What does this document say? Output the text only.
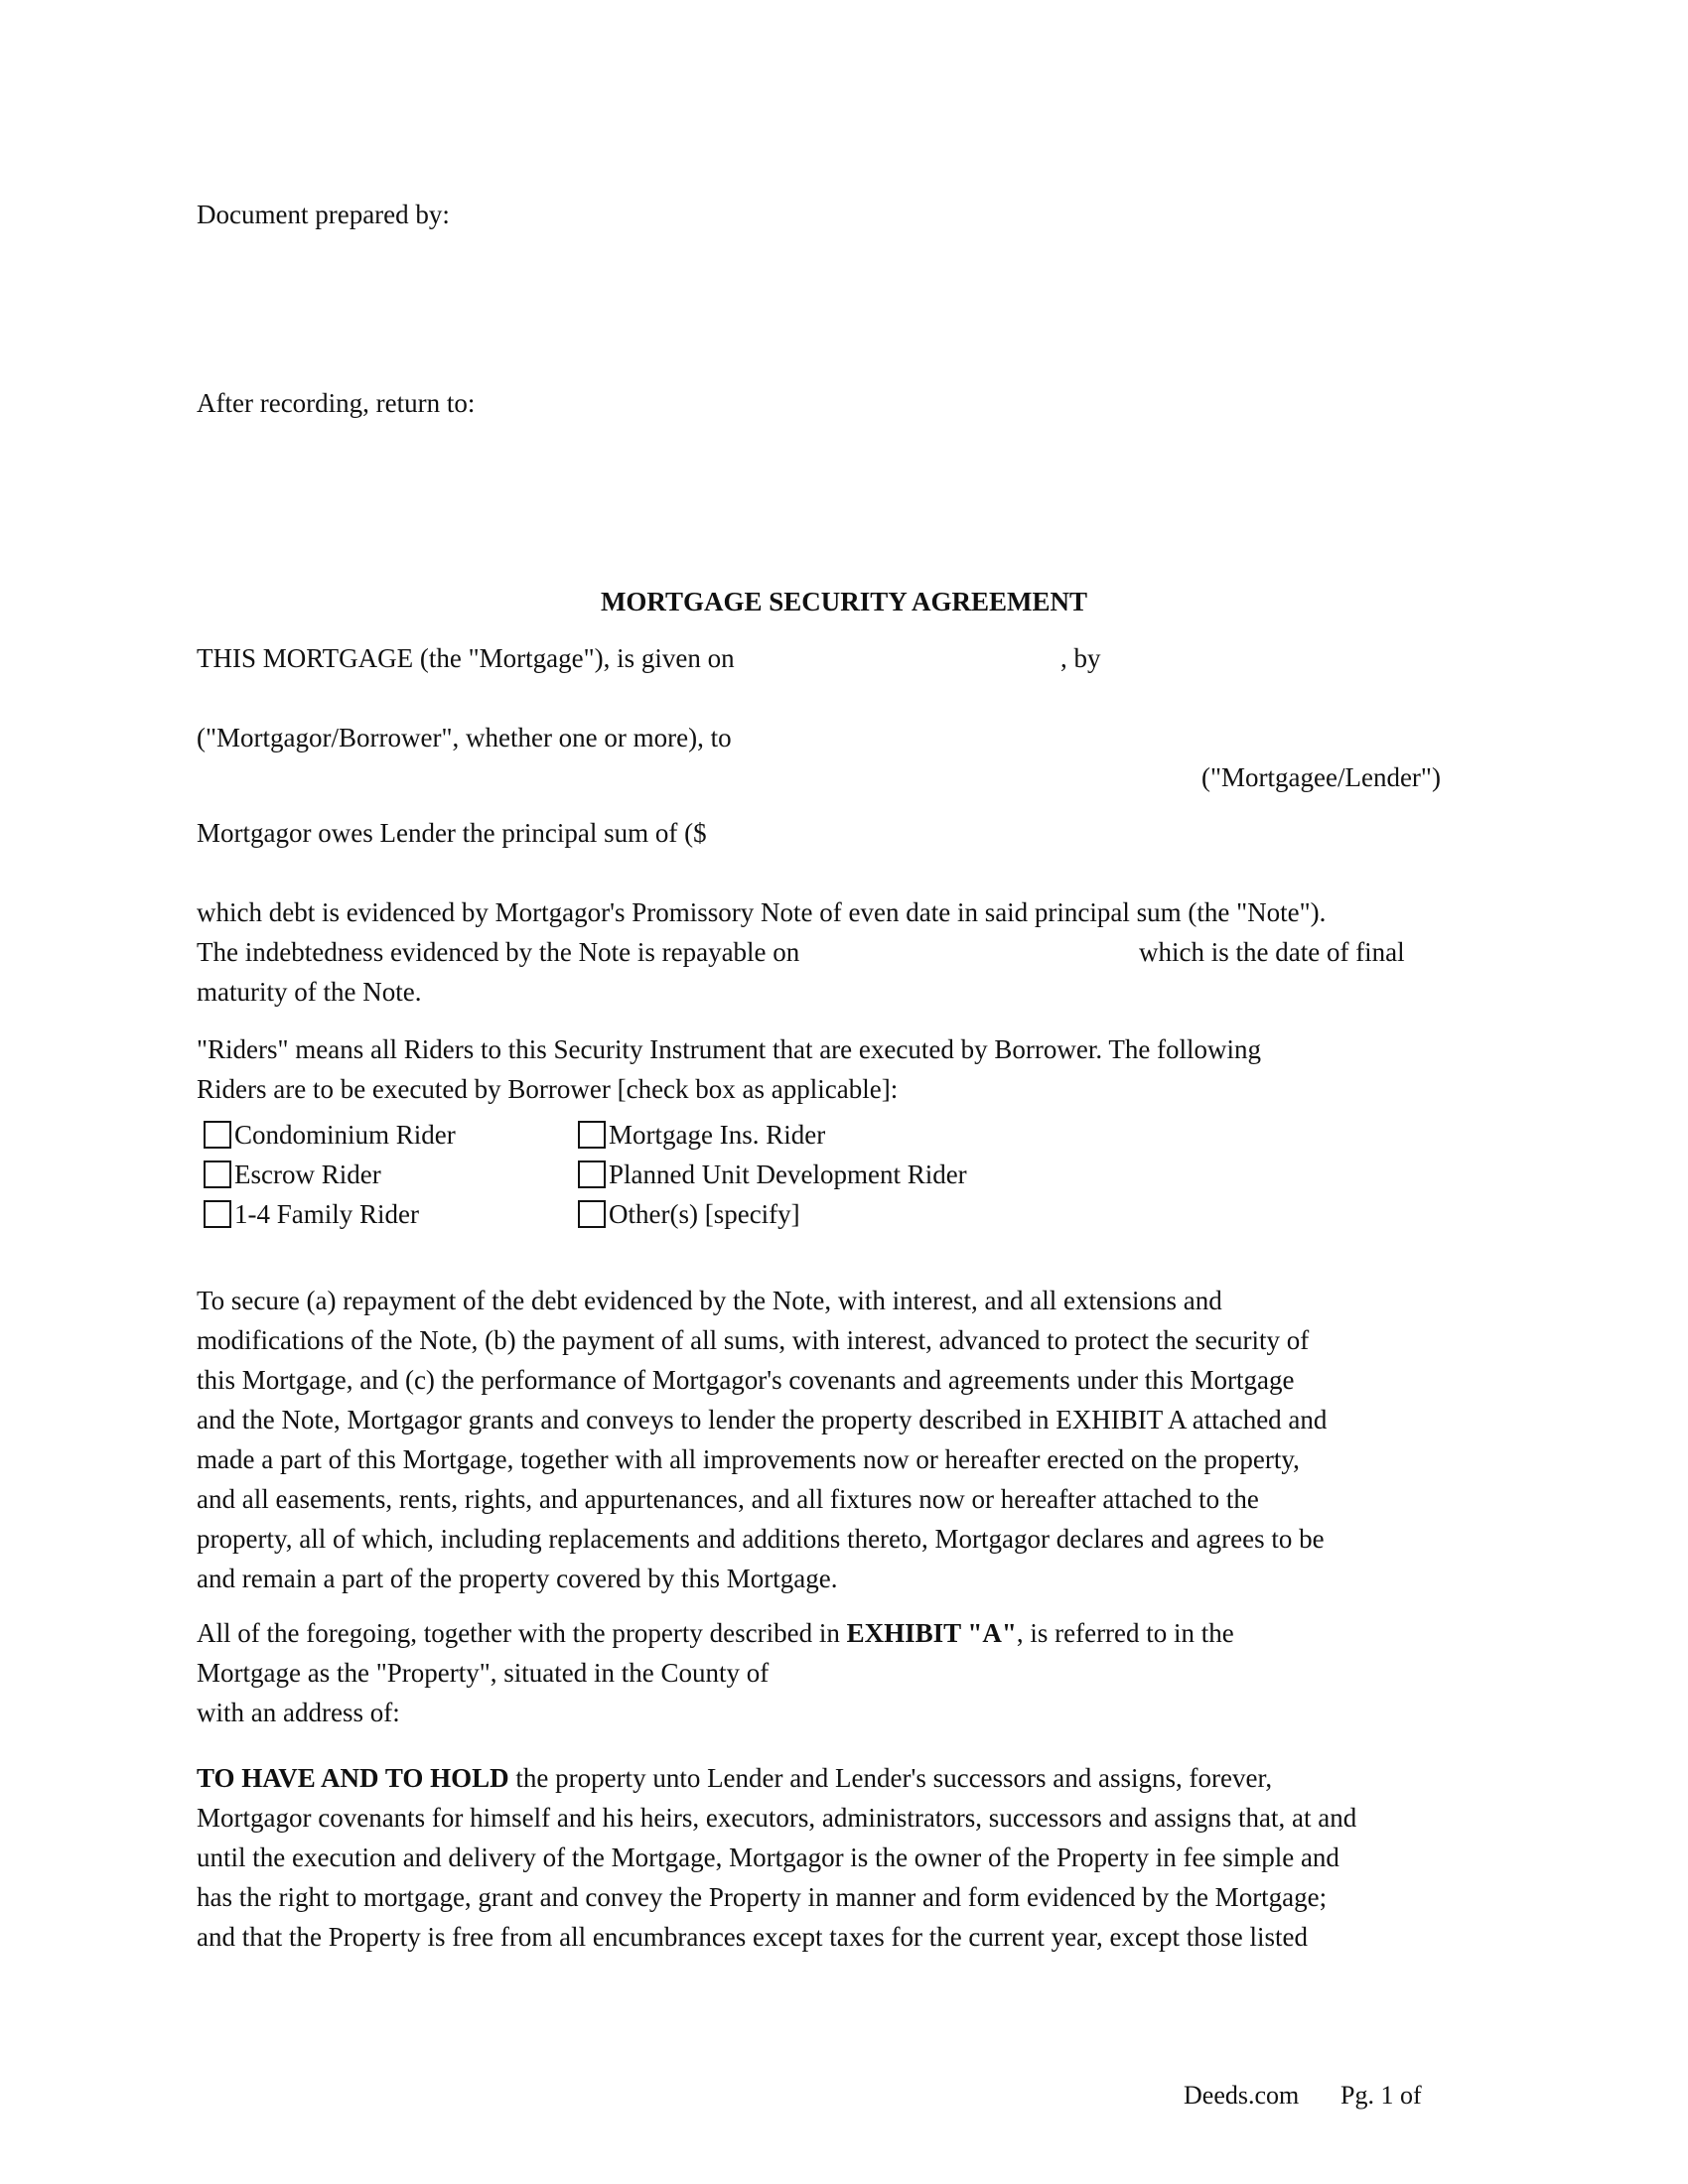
Document prepared by:
After recording, return to:
MORTGAGE SECURITY AGREEMENT
THIS MORTGAGE (the "Mortgage"), is given on	, by
("Mortgagor/Borrower", whether one or more), to
("Mortgagee/Lender")
Mortgagor owes Lender the principal sum of ($
which debt is evidenced by Mortgagor's Promissory Note of even date in said principal sum (the "Note").
The indebtedness evidenced by the Note is repayable on	which is the date of final
maturity of the Note.
"Riders" means all Riders to this Security Instrument that are executed by Borrower. The following
Riders are to be executed by Borrower [check box as applicable]:
Condominium Rider
Escrow Rider
1-4 Family Rider
Mortgage Ins. Rider
Planned Unit Development Rider
Other(s) [specify]

To secure (a) repayment of the debt evidenced by the Note, with interest, and all extensions and

modifications of the Note, (b) the payment of all sums, with interest, advanced to protect the security of

this Mortgage, and (c) the performance of Mortgagor's covenants and agreements under this Mortgage

and the Note, Mortgagor grants and conveys to lender the property described in EXHIBIT A attached and

made a part of this Mortgage, together with all improvements now or hereafter erected on the property,

and all easements, rents, rights, and appurtenances, and all fixtures now or hereafter attached to the

property, all of which, including replacements and additions thereto, Mortgagor declares and agrees to be

and remain a part of the property covered by this Mortgage.

All of the foregoing, together with the property described in EXHIBIT "A", is referred to in the

Mortgage as the "Property", situated in the County of

with an address of:

TO HAVE AND TO HOLD the property unto Lender and Lender's successors and assigns, forever,

Mortgagor covenants for himself and his heirs, executors, administrators, successors and assigns that, at and

until the execution and delivery of the Mortgage, Mortgagor is the owner of the Property in fee simple and

has the right to mortgage, grant and convey the Property in manner and form evidenced by the Mortgage;

and that the Property is free from all encumbrances except taxes for the current year, except those listed

Deeds.com Pg. 1 of
